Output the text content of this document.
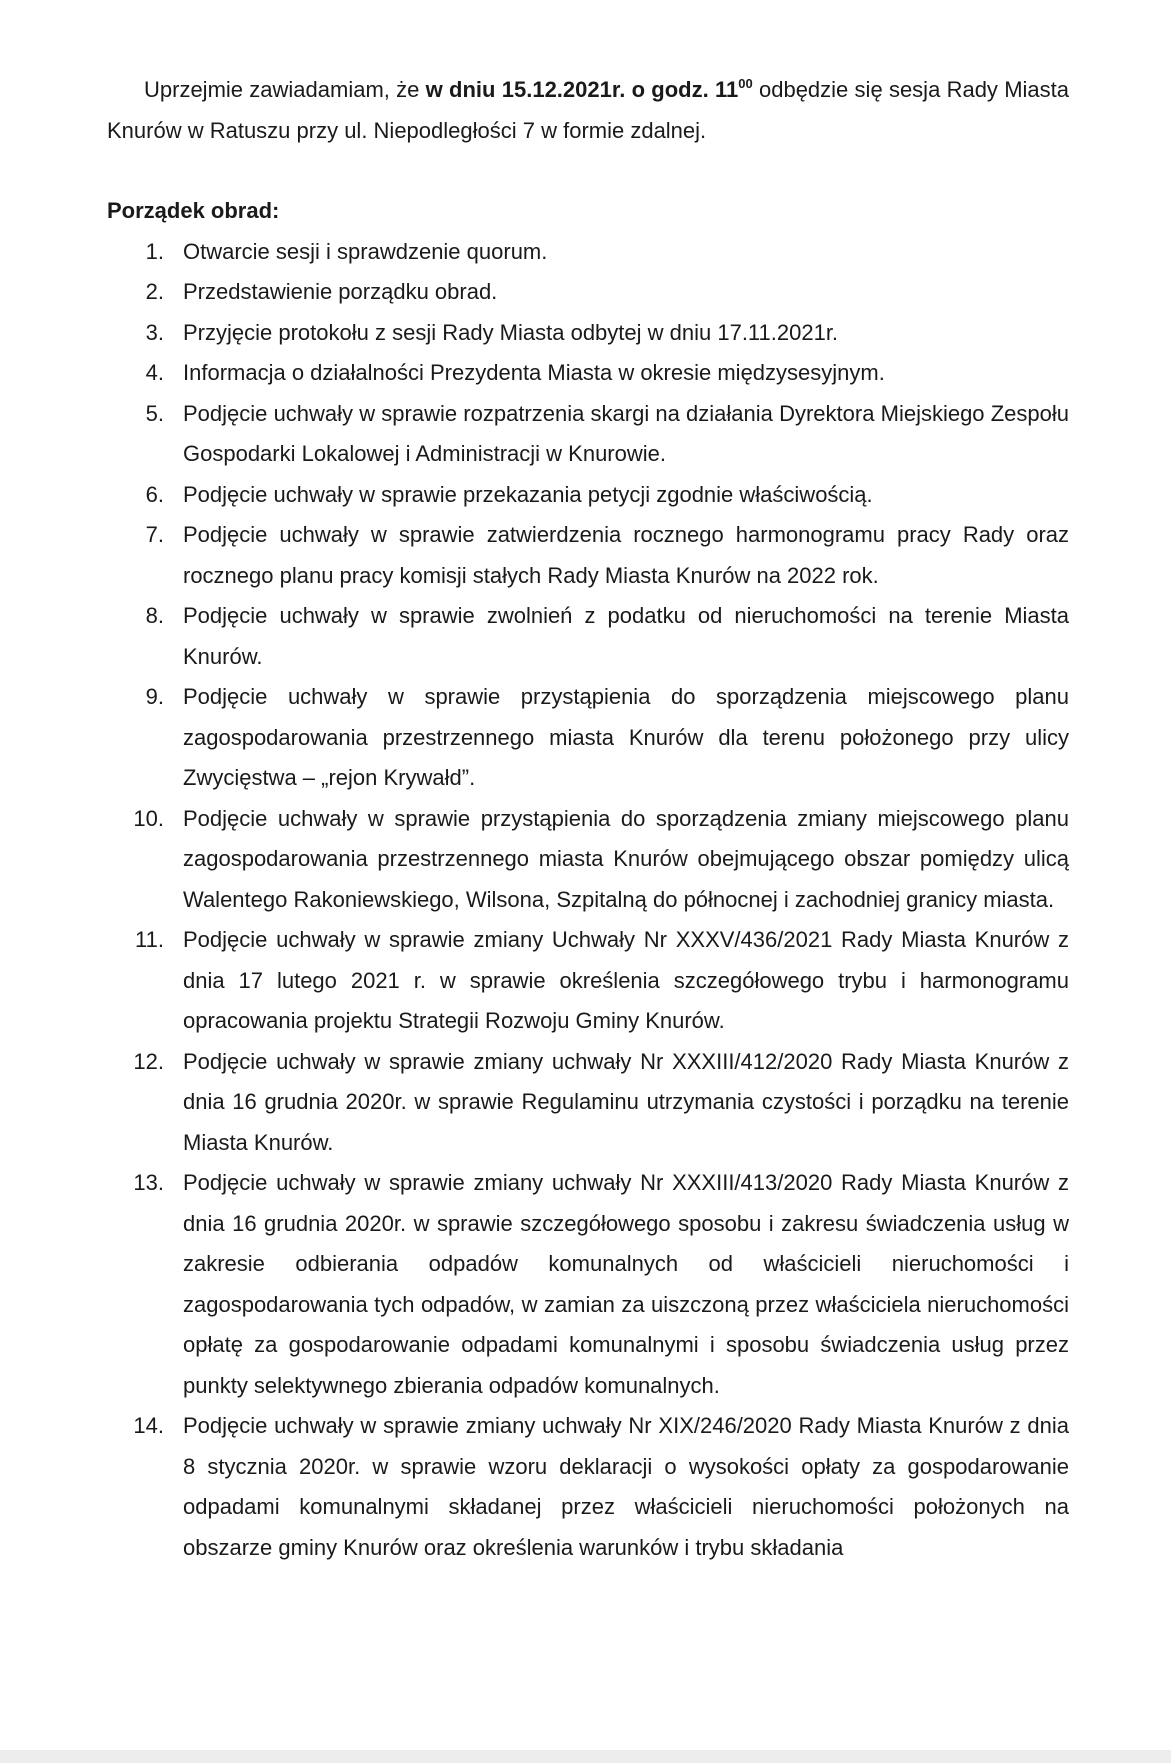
Uprzejmie zawiadamiam, że w dniu 15.12.2021r. o godz. $11^{00}$ odbędzie się sesja Rady Miasta Knurów w Ratuszu przy ul. Niepodległości 7 w formie zdalnej.

Porządek obrad:
1. Otwarcie sesji i sprawdzenie quorum.
2. Przedstawienie porządku obrad.
3. Przyjęcie protokołu z sesji Rady Miasta odbytej w dniu 17.11.2021r.
4. Informacja o działalności Prezydenta Miasta w okresie międzysesyjnym.
5. Podjęcie uchwały w sprawie rozpatrzenia skargi na działania Dyrektora Miejskiego Zespołu Gospodarki Lokalowej i Administracji w Knurowie.
6. Podjęcie uchwały w sprawie przekazania petycji zgodnie właściwością.
7. Podjęcie uchwały w sprawie zatwierdzenia rocznego harmonogramu pracy Rady oraz rocznego planu pracy komisji stałych Rady Miasta Knurów na 2022 rok.
8. Podjęcie uchwały w sprawie zwolnień z podatku od nieruchomości na terenie Miasta Knurów.
9. Podjęcie uchwały w sprawie przystąpienia do sporządzenia miejscowego planu zagospodarowania przestrzennego miasta Knurów dla terenu położonego przy ulicy Zwycięstwa – „rejon Krywałd”.
10. Podjęcie uchwały w sprawie przystąpienia do sporządzenia zmiany miejscowego planu zagospodarowania przestrzennego miasta Knurów obejmującego obszar pomiędzy ulicą Walentego Rakoniewskiego, Wilsona, Szpitalną do północnej i zachodniej granicy miasta.
11. Podjęcie uchwały w sprawie zmiany Uchwały Nr XXXV/436/2021 Rady Miasta Knurów z dnia 17 lutego 2021 r. w sprawie określenia szczegółowego trybu i harmonogramu opracowania projektu Strategii Rozwoju Gminy Knurów.
12. Podjęcie uchwały w sprawie zmiany uchwały Nr XXXIII/412/2020 Rady Miasta Knurów z dnia 16 grudnia 2020r. w sprawie Regulaminu utrzymania czystości i porządku na terenie Miasta Knurów.
13. Podjęcie uchwały w sprawie zmiany uchwały Nr XXXIII/413/2020 Rady Miasta Knurów z dnia 16 grudnia 2020r. w sprawie szczegółowego sposobu i zakresu świadczenia usług w zakresie odbierania odpadów komunalnych od właścicieli nieruchomości i zagospodarowania tych odpadów, w zamian za uiszczoną przez właściciela nieruchomości opłatę za gospodarowanie odpadami komunalnymi i sposobu świadczenia usług przez punkty selektywnego zbierania odpadów komunalnych.
14. Podjęcie uchwały w sprawie zmiany uchwały Nr XIX/246/2020 Rady Miasta Knurów z dnia 8 stycznia 2020r. w sprawie wzoru deklaracji o wysokości opłaty za gospodarowanie odpadami komunalnymi składanej przez właścicieli nieruchomości położonych na obszarze gminy Knurów oraz określenia warunków i trybu składania
